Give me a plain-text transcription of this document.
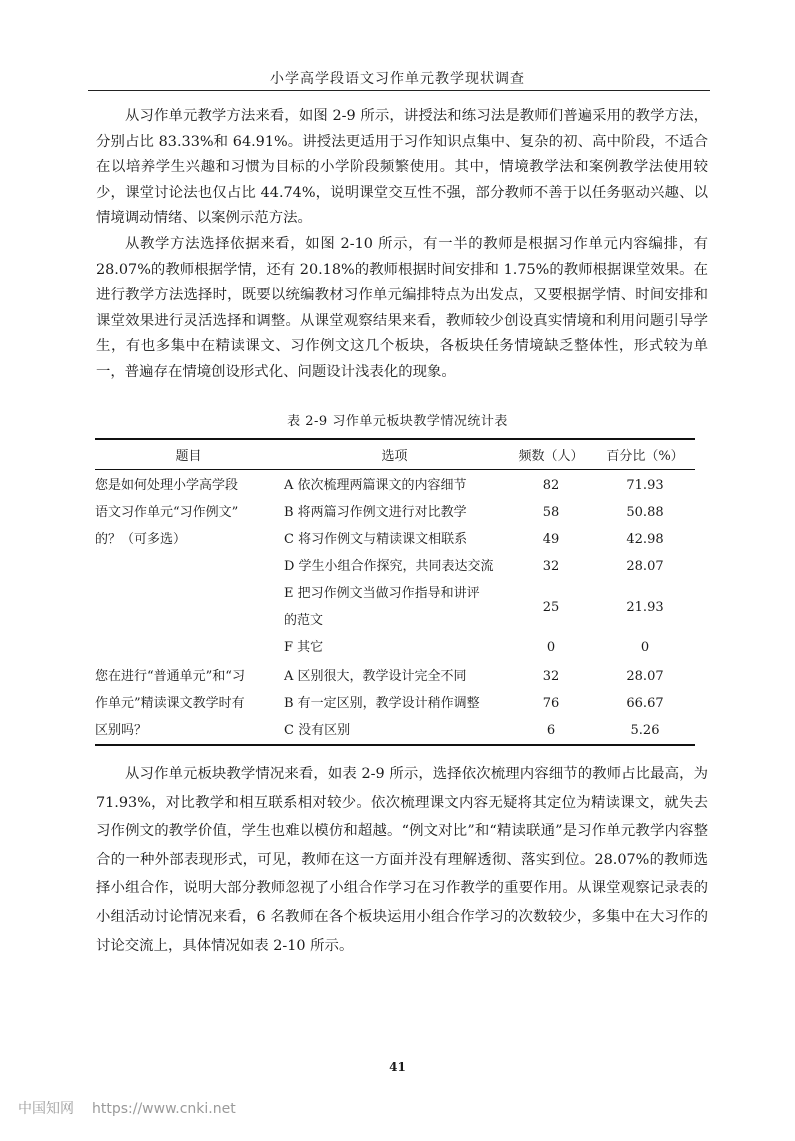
小学高学段语文习作单元教学现状调查

从习作单元教学方法来看，如图 2-9 所示，讲授法和练习法是教师们普遍采用的教学方法，分别占比 83.33%和 64.91%。讲授法更适用于习作知识点集中、复杂的初、高中阶段，不适合在以培养学生兴趣和习惯为目标的小学阶段频繁使用。其中，情境教学法和案例教学法使用较少，课堂讨论法也仅占比 44.74%，说明课堂交互性不强，部分教师不善于以任务驱动兴趣、以情境调动情绪、以案例示范方法。

从教学方法选择依据来看，如图 2-10 所示，有一半的教师是根据习作单元内容编排，有 28.07%的教师根据学情，还有 20.18%的教师根据时间安排和 1.75%的教师根据课堂效果。在进行教学方法选择时，既要以统编教材习作单元编排特点为出发点，又要根据学情、时间安排和课堂效果进行灵活选择和调整。从课堂观察结果来看，教师较少创设真实情境和利用问题引导学生，有也多集中在精读课文、习作例文这几个板块，各板块任务情境缺乏整体性，形式较为单一，普遍存在情境创设形式化、问题设计浅表化的现象。

表 2-9 习作单元板块教学情况统计表
题目	选项	频数（人）	百分比（%）
您是如何处理小学高学段	A 依次梳理两篇课文的内容细节	82	71.93
语文习作单元“习作例文”	B 将两篇习作例文进行对比教学	58	50.88
的？（可多选）	C 将习作例文与精读课文相联系	49	42.98
	D 学生小组合作探究，共同表达交流	32	28.07

	E 把习作例文当做习作指导和讲评
的范文	25	21.93
	F 其它	0	0
您在进行“普通单元”和“习	A 区别很大，教学设计完全不同	32	28.07
作单元”精读课文教学时有	B 有一定区别，教学设计稍作调整	76	66.67
区别吗？	C 没有区别	6	5.26

从习作单元板块教学情况来看，如表 2-9 所示，选择依次梳理内容细节的教师占比最高，为 71.93%，对比教学和相互联系相对较少。依次梳理课文内容无疑将其定位为精读课文，就失去习作例文的教学价值，学生也难以模仿和超越。“例文对比”和“精读联通”是习作单元教学内容整合的一种外部表现形式，可见，教师在这一方面并没有理解透彻、落实到位。28.07%的教师选择小组合作，说明大部分教师忽视了小组合作学习在习作教学的重要作用。从课堂观察记录表的小组活动讨论情况来看，6 名教师在各个板块运用小组合作学习的次数较少，多集中在大习作的讨论交流上，具体情况如表 2-10 所示。

41
中国知网 https://www.cnki.net
